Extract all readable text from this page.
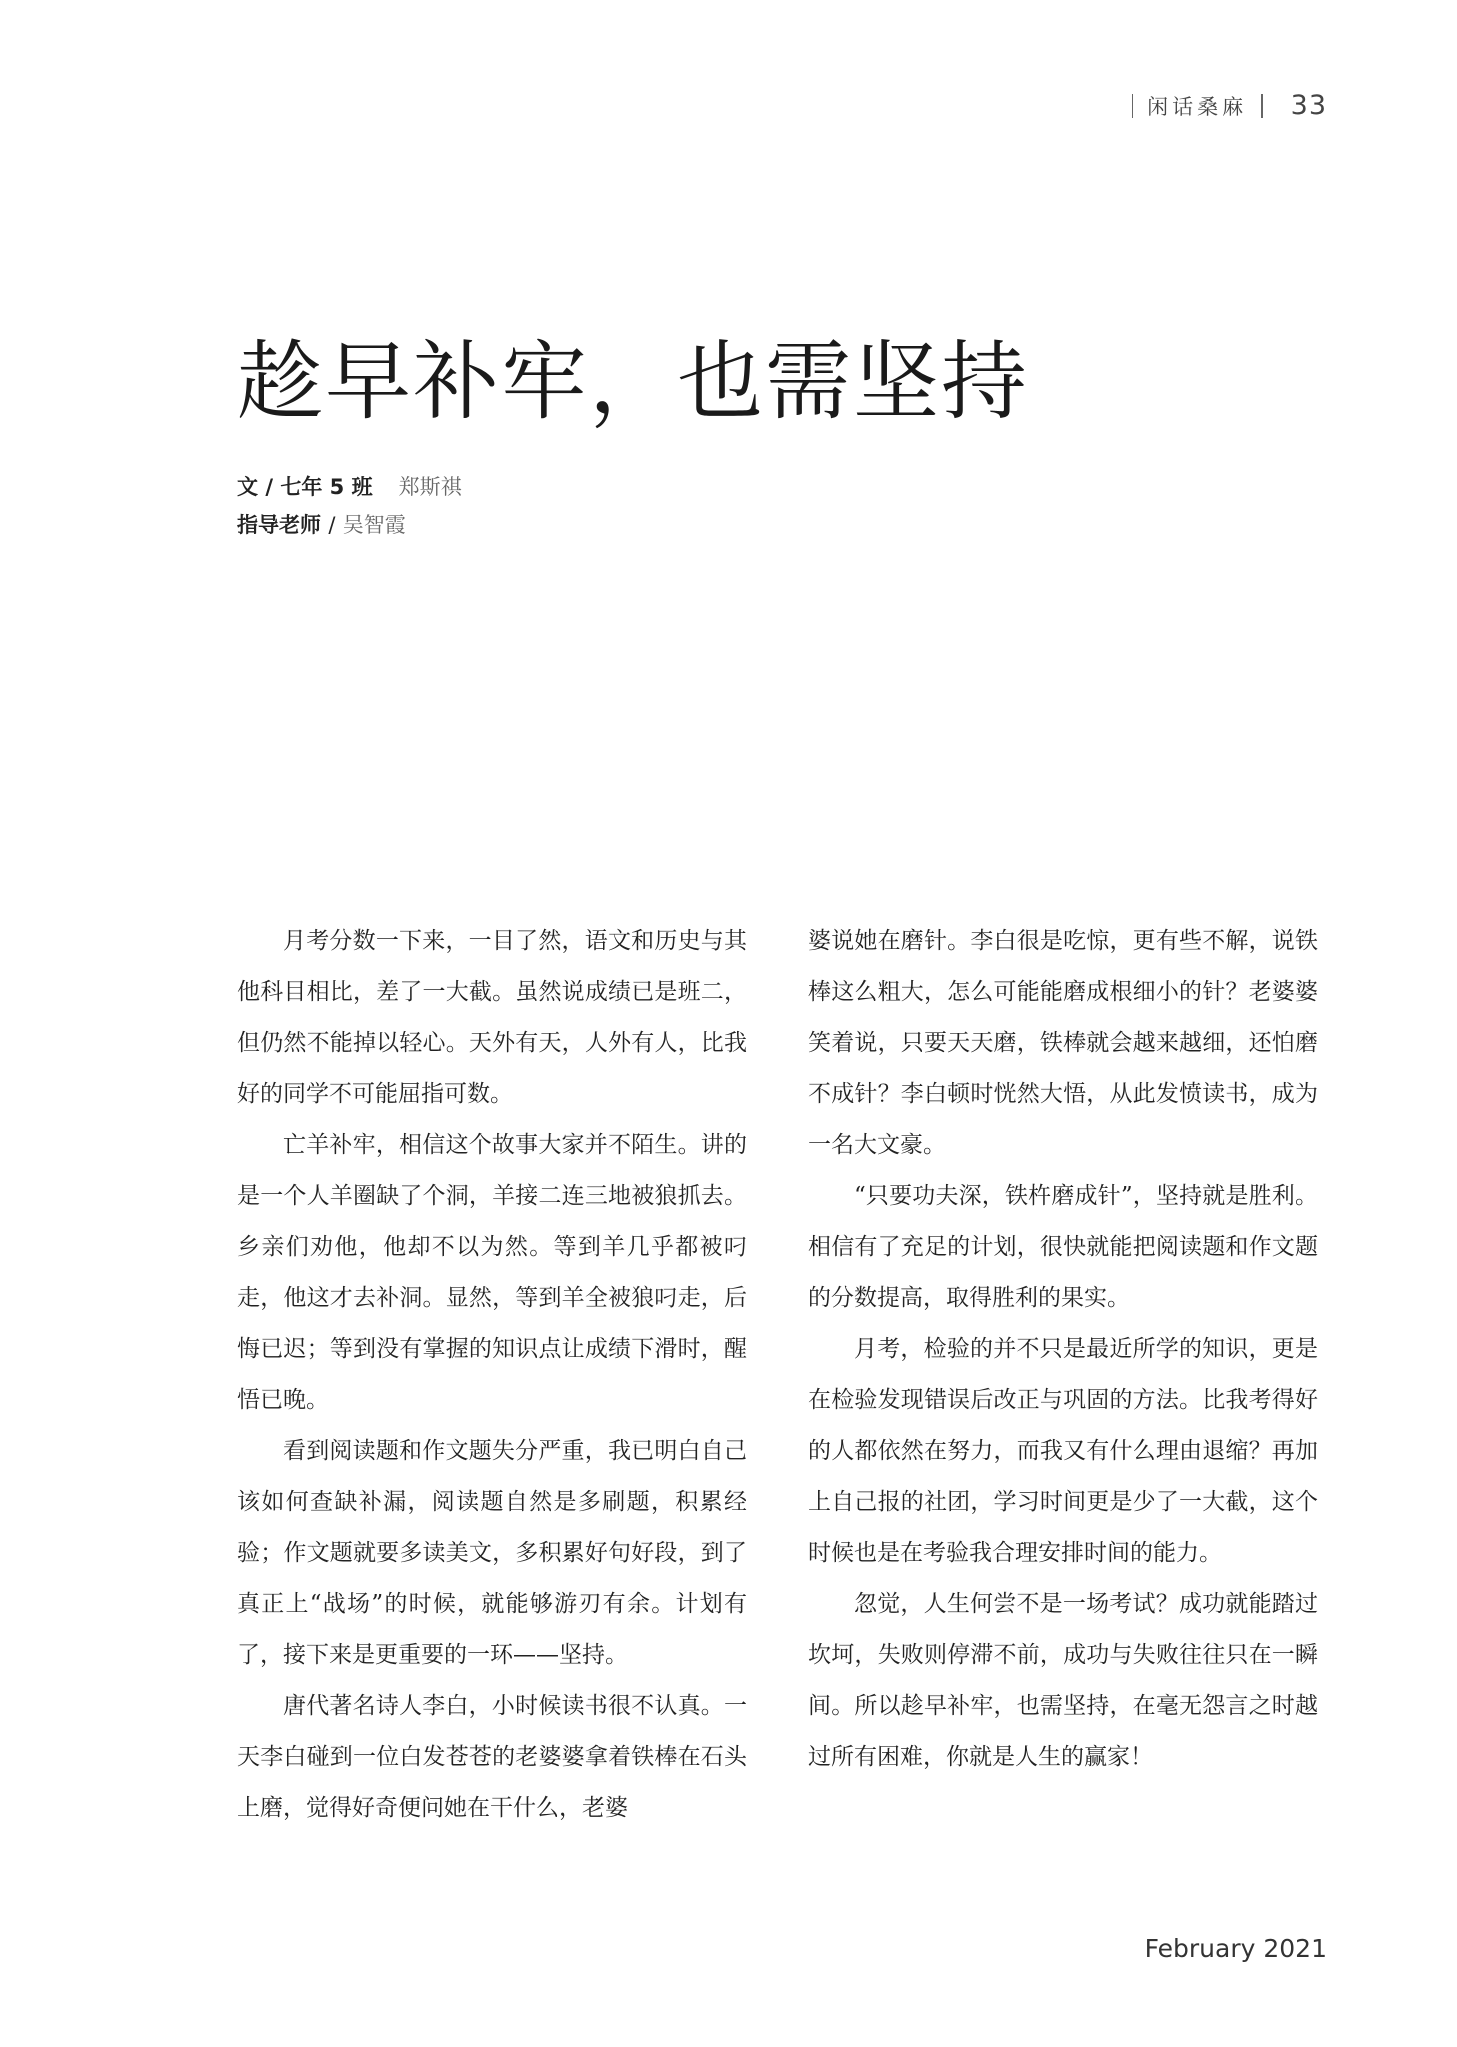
闲话桑麻 33
趁早补牢，也需坚持
文 / 七年 5 班 郑斯祺
指导老师 / 吴智霞

月考分数一下来，一目了然，语文和历史与其他科目相比，差了一大截。虽然说成绩已是班二，但仍然不能掉以轻心。天外有天，人外有人，比我好的同学不可能屈指可数。

亡羊补牢，相信这个故事大家并不陌生。讲的是一个人羊圈缺了个洞，羊接二连三地被狼抓去。乡亲们劝他，他却不以为然。等到羊几乎都被叼走，他这才去补洞。显然，等到羊全被狼叼走，后悔已迟；等到没有掌握的知识点让成绩下滑时，醒悟已晚。

看到阅读题和作文题失分严重，我已明白自己该如何查缺补漏，阅读题自然是多刷题，积累经验；作文题就要多读美文，多积累好句好段，到了真正上“战场”的时候，就能够游刃有余。计划有了，接下来是更重要的一环——坚持。

唐代著名诗人李白，小时候读书很不认真。一天李白碰到一位白发苍苍的老婆婆拿着铁棒在石头上磨，觉得好奇便问她在干什么，老婆

婆说她在磨针。李白很是吃惊，更有些不解，说铁棒这么粗大，怎么可能能磨成根细小的针？老婆婆笑着说，只要天天磨，铁棒就会越来越细，还怕磨不成针？李白顿时恍然大悟，从此发愤读书，成为一名大文豪。

“只要功夫深，铁杵磨成针”，坚持就是胜利。相信有了充足的计划，很快就能把阅读题和作文题的分数提高，取得胜利的果实。

月考，检验的并不只是最近所学的知识，更是在检验发现错误后改正与巩固的方法。比我考得好的人都依然在努力，而我又有什么理由退缩？再加上自己报的社团，学习时间更是少了一大截，这个时候也是在考验我合理安排时间的能力。

忽觉，人生何尝不是一场考试？成功就能踏过坎坷，失败则停滞不前，成功与失败往往只在一瞬间。所以趁早补牢，也需坚持，在毫无怨言之时越过所有困难，你就是人生的赢家！

February 2021
